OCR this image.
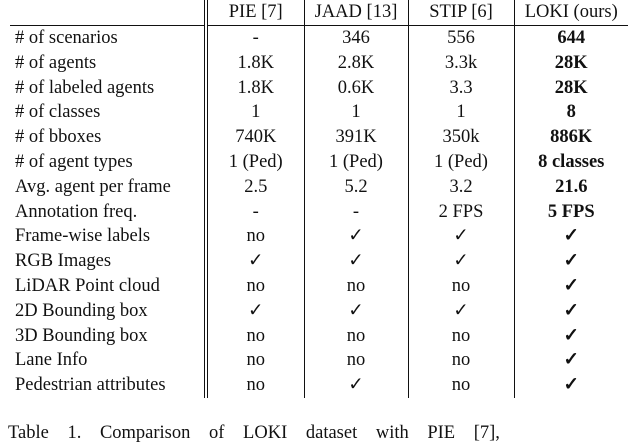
	PIE [7]	JAAD [13]	STIP [6]	LOKI (ours)
# of scenarios	-	346	556	644
# of agents	1.8K	2.8K	3.3k	28K
# of labeled agents	1.8K	0.6K	3.3	28K
# of classes	1	1	1	8
# of bboxes	740K	391K	350k	886K
# of agent types	1 (Ped)	1 (Ped)	1 (Ped)	8 classes
Avg. agent per frame	2.5	5.2	3.2	21.6
Annotation freq.	-	-	2 FPS	5 FPS
Frame-wise labels	no	✓	✓	✓
RGB Images	✓	✓	✓	✓
LiDAR Point cloud	no	no	no	✓
2D Bounding box	✓	✓	✓	✓
3D Bounding box	no	no	no	✓
Lane Info	no	no	no	✓
Pedestrian attributes	no	✓	no	✓
Table 1. Comparison of LOKI dataset with PIE [7],
